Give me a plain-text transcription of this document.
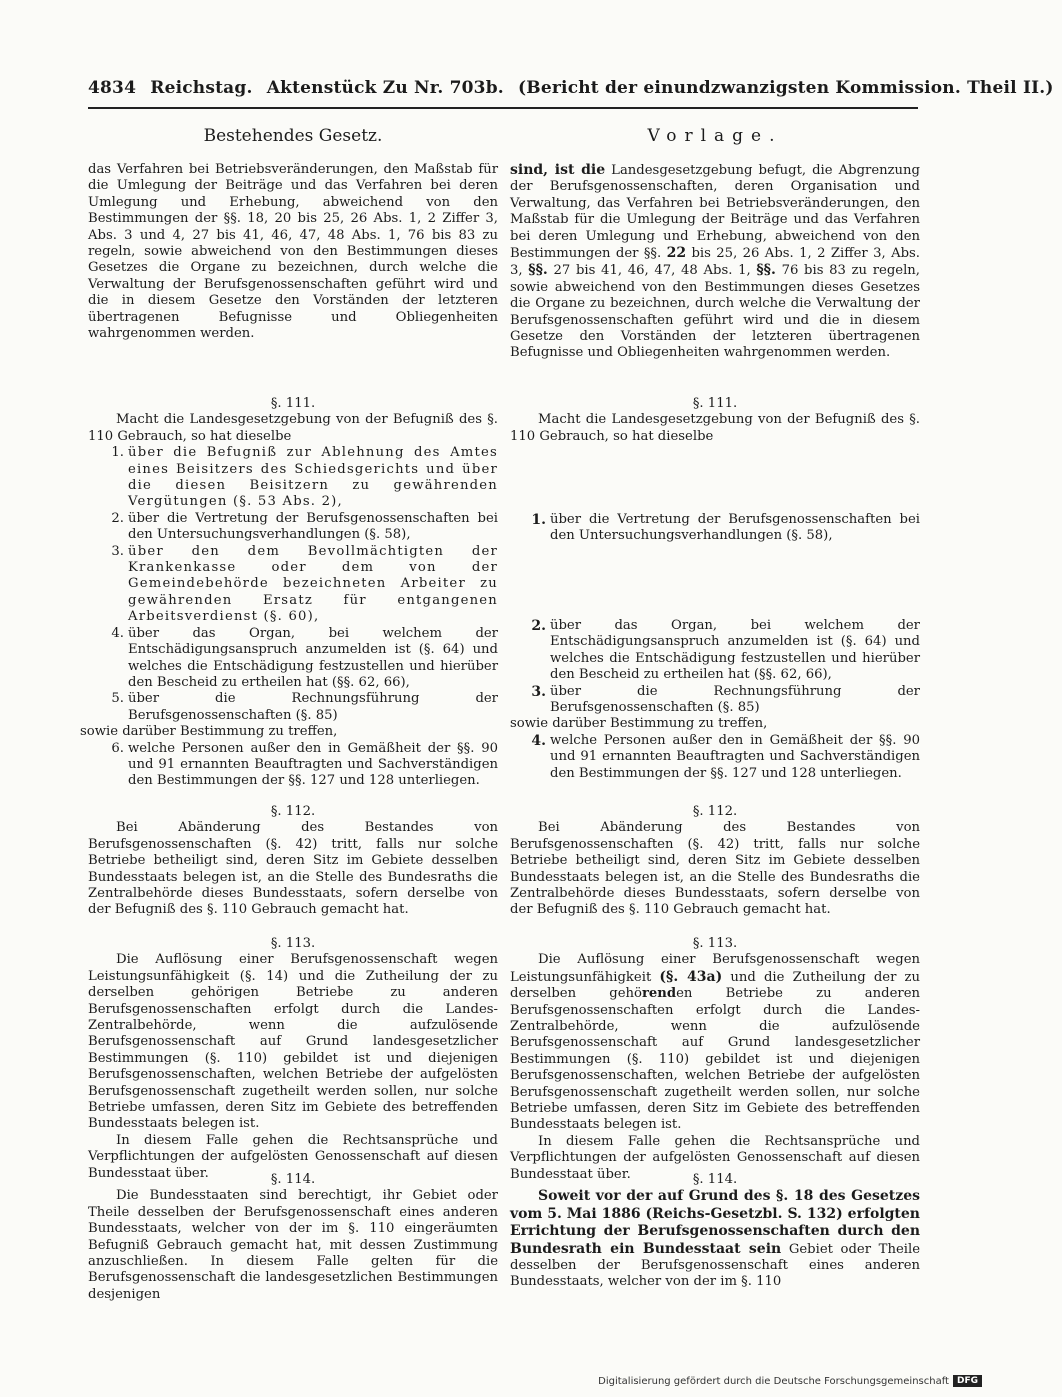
4834 Reichstag. Aktenstück Zu Nr. 703b. (Bericht der einundzwanzigsten Kommission. Theil II.)
Bestehendes Gesetz.	Vorlage.

das Verfahren bei Betriebsveränderungen, den Maßstab für die Umlegung der Beiträge und das Verfahren bei deren Umlegung und Erhebung, abweichend von den Bestimmungen der §§. 18, 20 bis 25, 26 Abs. 1, 2 Ziffer 3, Abs. 3 und 4, 27 bis 41, 46, 47, 48 Abs. 1, 76 bis 83 zu regeln, sowie abweichend von den Bestimmungen dieses Gesetzes die Organe zu bezeichnen, durch welche die Verwaltung der Berufsgenossenschaften geführt wird und die in diesem Gesetze den Vorständen der letzteren übertragenen Befugnisse und Obliegenheiten wahrgenommen werden.

§. 111.

Macht die Landesgesetzgebung von der Befugniß des §. 110 Gebrauch, so hat dieselbe

1. über die Befugniß zur Ablehnung des Amtes eines Beisitzers des Schiedsgerichts und über die diesen Beisitzern zu gewährenden Vergütungen (§. 53 Abs. 2),
2. über die Vertretung der Berufsgenossenschaften bei den Untersuchungsverhandlungen (§. 58),
3. über den dem Bevollmächtigten der Krankenkasse oder dem von der Gemeindebehörde bezeichneten Arbeiter zu gewährenden Ersatz für entgangenen Arbeitsverdienst (§. 60),
4. über das Organ, bei welchem der Entschädigungsanspruch anzumelden ist (§. 64) und welches die Entschädigung festzustellen und hierüber den Bescheid zu ertheilen hat (§§. 62, 66),
5. über die Rechnungsführung der Berufsgenossenschaften (§. 85)

sowie darüber Bestimmung zu treffen,

6. welche Personen außer den in Gemäßheit der §§. 90 und 91 ernannten Beauftragten und Sachverständigen den Bestimmungen der §§. 127 und 128 unterliegen.

§. 112.

Bei Abänderung des Bestandes von Berufsgenossenschaften (§. 42) tritt, falls nur solche Betriebe betheiligt sind, deren Sitz im Gebiete desselben Bundesstaats belegen ist, an die Stelle des Bundesraths die Zentralbehörde dieses Bundesstaats, sofern derselbe von der Befugniß des §. 110 Gebrauch gemacht hat.

§. 113.

Die Auflösung einer Berufsgenossenschaft wegen Leistungsunfähigkeit (§. 14) und die Zutheilung der zu derselben gehörigen Betriebe zu anderen Berufsgenossenschaften erfolgt durch die Landes-Zentralbehörde, wenn die aufzulösende Berufsgenossenschaft auf Grund landesgesetzlicher Bestimmungen (§. 110) gebildet ist und diejenigen Berufsgenossenschaften, welchen Betriebe der aufgelösten Berufsgenossenschaft zugetheilt werden sollen, nur solche Betriebe umfassen, deren Sitz im Gebiete des betreffenden Bundesstaats belegen ist.

In diesem Falle gehen die Rechtsansprüche und Verpflichtungen der aufgelösten Genossenschaft auf diesen Bundesstaat über.	§. 114.

Die Bundesstaaten sind berechtigt, ihr Gebiet oder Theile desselben der Berufsgenossenschaft eines anderen Bundesstaats, welcher von der im §. 110 eingeräumten Befugniß Gebrauch gemacht hat, mit dessen Zustimmung anzuschließen. In diesem Falle gelten für die Berufsgenossenschaft die landesgesetzlichen Bestimmungen desjenigen

sind, ist die Landesgesetzgebung befugt, die Abgrenzung der Berufsgenossenschaften, deren Organisation und Verwaltung, das Verfahren bei Betriebsveränderungen, den Maßstab für die Umlegung der Beiträge und das Verfahren bei deren Umlegung und Erhebung, abweichend von den Bestimmungen der §§. 22 bis 25, 26 Abs. 1, 2 Ziffer 3, Abs. 3, §§. 27 bis 41, 46, 47, 48 Abs. 1, §§. 76 bis 83 zu regeln, sowie abweichend von den Bestimmungen dieses Gesetzes die Organe zu bezeichnen, durch welche die Verwaltung der Berufsgenossenschaften geführt wird und die in diesem Gesetze den Vorständen der letzteren übertragenen Befugnisse und Obliegenheiten wahrgenommen werden.

§. 111.

Macht die Landesgesetzgebung von der Befugniß des §. 110 Gebrauch, so hat dieselbe

1. über die Vertretung der Berufsgenossenschaften bei den Untersuchungsverhandlungen (§. 58),
2. über das Organ, bei welchem der Entschädigungsanspruch anzumelden ist (§. 64) und welches die Entschädigung festzustellen und hierüber den Bescheid zu ertheilen hat (§§. 62, 66),
3. über die Rechnungsführung der Berufsgenossenschaften (§. 85)

sowie darüber Bestimmung zu treffen,

4. welche Personen außer den in Gemäßheit der §§. 90 und 91 ernannten Beauftragten und Sachverständigen den Bestimmungen der §§. 127 und 128 unterliegen.

§. 112.

Bei Abänderung des Bestandes von Berufsgenossenschaften (§. 42) tritt, falls nur solche Betriebe betheiligt sind, deren Sitz im Gebiete desselben Bundesstaats belegen ist, an die Stelle des Bundesraths die Zentralbehörde dieses Bundesstaats, sofern derselbe von der Befugniß des §. 110 Gebrauch gemacht hat.

§. 113.

Die Auflösung einer Berufsgenossenschaft wegen Leistungsunfähigkeit (§. 43a) und die Zutheilung der zu derselben gehörenden Betriebe zu anderen Berufsgenossenschaften erfolgt durch die Landes-Zentralbehörde, wenn die aufzulösende Berufsgenossenschaft auf Grund landesgesetzlicher Bestimmungen (§. 110) gebildet ist und diejenigen Berufsgenossenschaften, welchen Betriebe der aufgelösten Berufsgenossenschaft zugetheilt werden sollen, nur solche Betriebe umfassen, deren Sitz im Gebiete des betreffenden Bundesstaats belegen ist.

In diesem Falle gehen die Rechtsansprüche und Verpflichtungen der aufgelösten Genossenschaft auf diesen Bundesstaat über.	§. 114.

Soweit vor der auf Grund des §. 18 des Gesetzes vom 5. Mai 1886 (Reichs-Gesetzbl. S. 132) erfolgten Errichtung der Berufsgenossenschaften durch den Bundesrath ein Bundesstaat sein Gebiet oder Theile desselben der Berufsgenossenschaft eines anderen Bundesstaats, welcher von der im §. 110

Digitalisierung gefördert durch die Deutsche Forschungsgemeinschaft DFG
